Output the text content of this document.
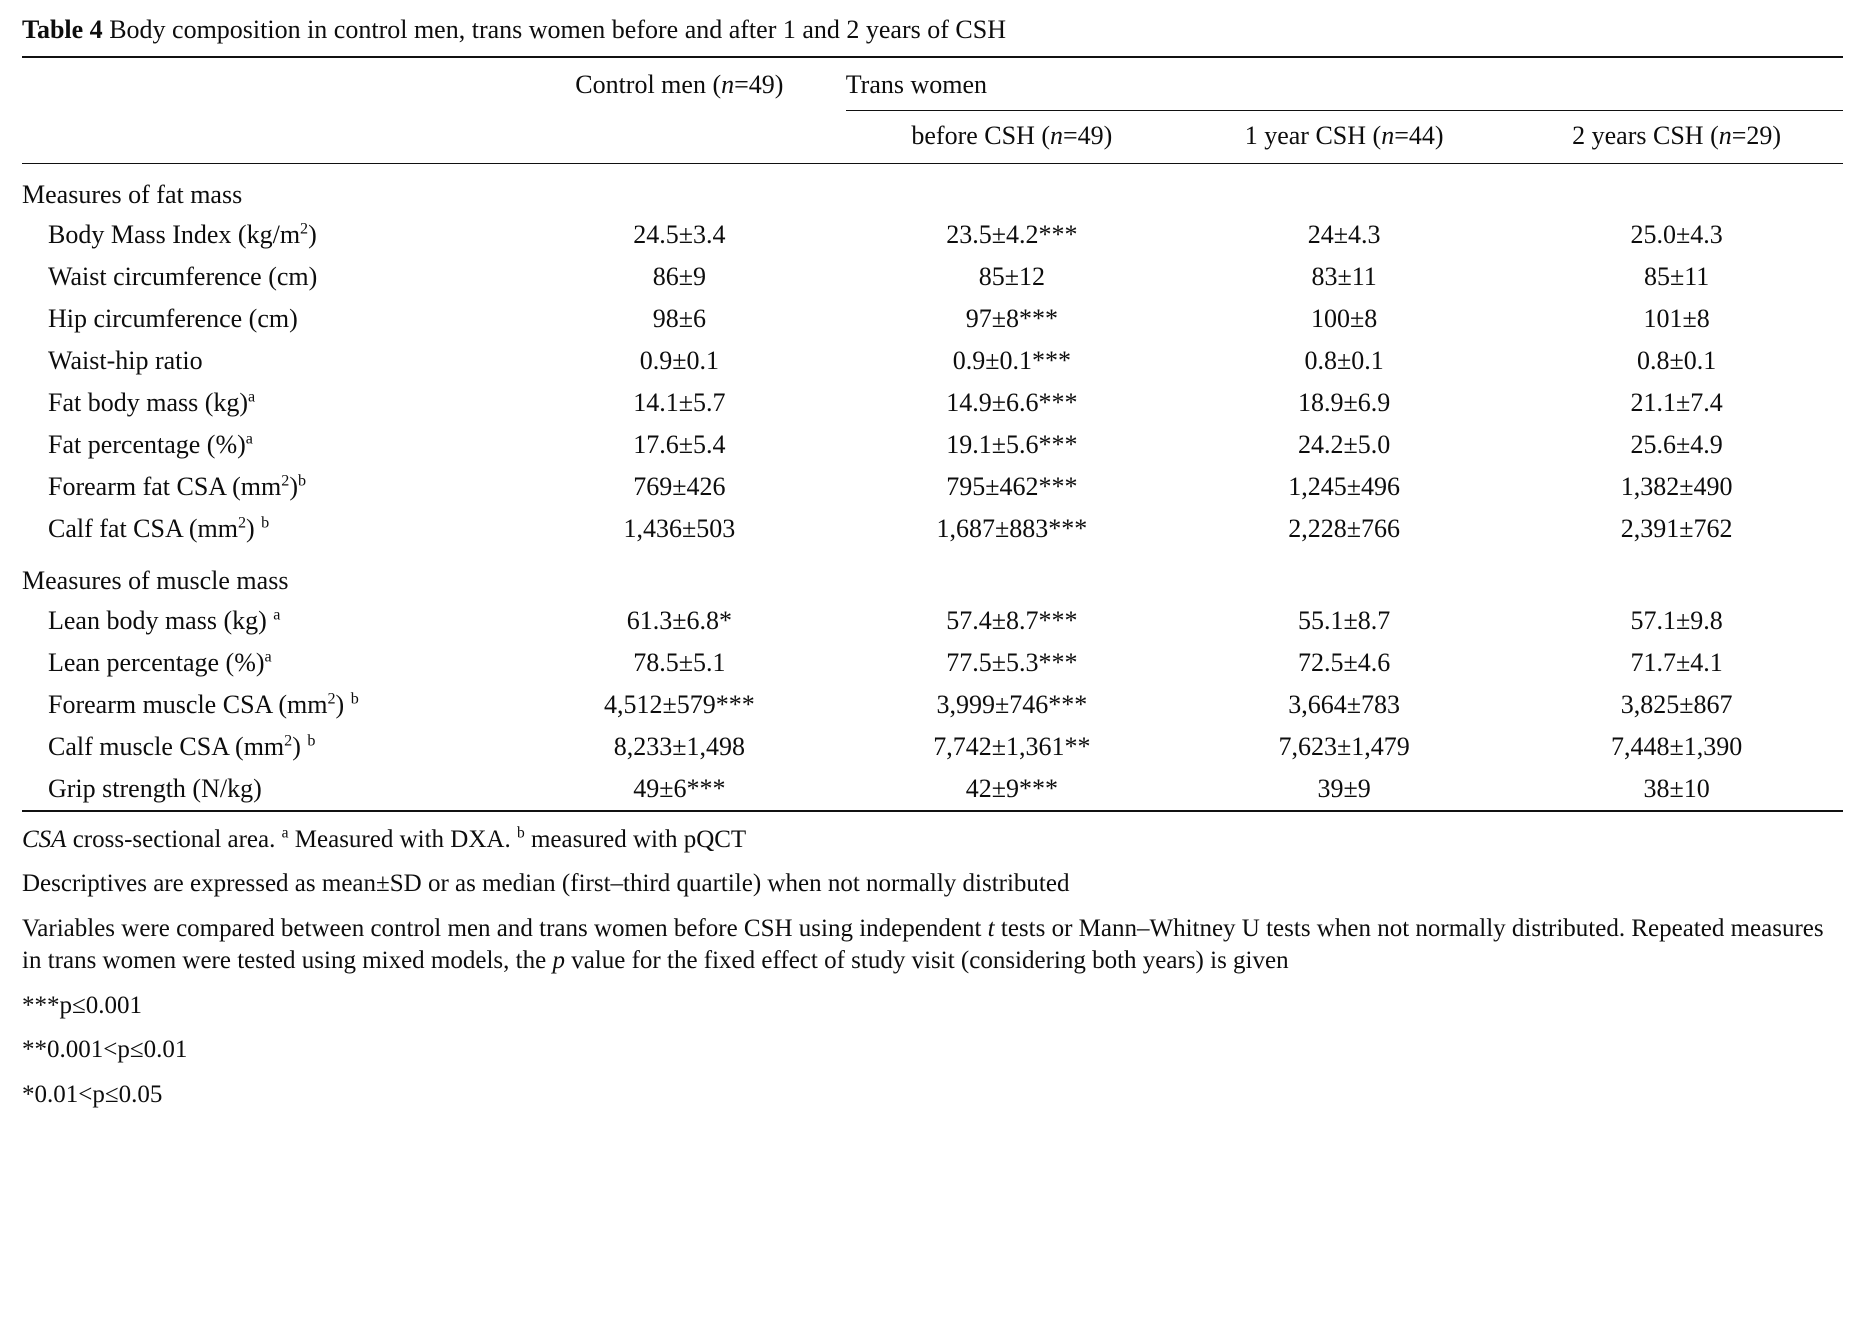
Table 4 Body composition in control men, trans women before and after 1 and 2 years of CSH
	Control men (n=49)	Trans women		
		before CSH (n=49)	1 year CSH (n=44)	2 years CSH (n=29)
Measures of fat mass				
Body Mass Index $(kg/m^2)$	24.5±3.4	23.5±4.2***	24±4.3	25.0±4.3
Waist circumference (cm)	86±9	85±12	83±11	85±11
Hip circumference (cm)	98±6	97±8***	100±8	101±8
Waist-hip ratio	0.9±0.1	0.9±0.1***	0.8±0.1	0.8±0.1
Fat body mass (kg)$^a$	14.1±5.7	14.9±6.6***	18.9±6.9	21.1±7.4
Fat percentage (%)$^a$	17.6±5.4	19.1±5.6***	24.2±5.0	25.6±4.9
Forearm fat CSA $(mm^2)^b$	769±426	795±462***	1,245±496	1,382±490
Calf fat CSA $(mm^2)$ $^b$	1,436±503	1,687±883***	2,228±766	2,391±762
Measures of muscle mass				
Lean body mass (kg) $^a$	61.3±6.8*	57.4±8.7***	55.1±8.7	57.1±9.8
Lean percentage (%)$^a$	78.5±5.1	77.5±5.3***	72.5±4.6	71.7±4.1
Forearm muscle CSA $(mm^2)$ $^b$	4,512±579***	3,999±746***	3,664±783	3,825±867
Calf muscle CSA $(mm^2)$ $^b$	8,233±1,498	7,742±1,361**	7,623±1,479	7,448±1,390
Grip strength (N/kg)	49±6***	42±9***	39±9	38±10

CSA cross-sectional area. $^a$ Measured with DXA. $^b$ measured with pQCT

Descriptives are expressed as mean±SD or as median (first–third quartile) when not normally distributed

Variables were compared between control men and trans women before CSH using independent t tests or Mann–Whitney U tests when not normally distributed. Repeated measures in trans women were tested using mixed models, the p value for the fixed effect of study visit (considering both years) is given

***p≤0.001

**0.001<p≤0.01

*0.01<p≤0.05
